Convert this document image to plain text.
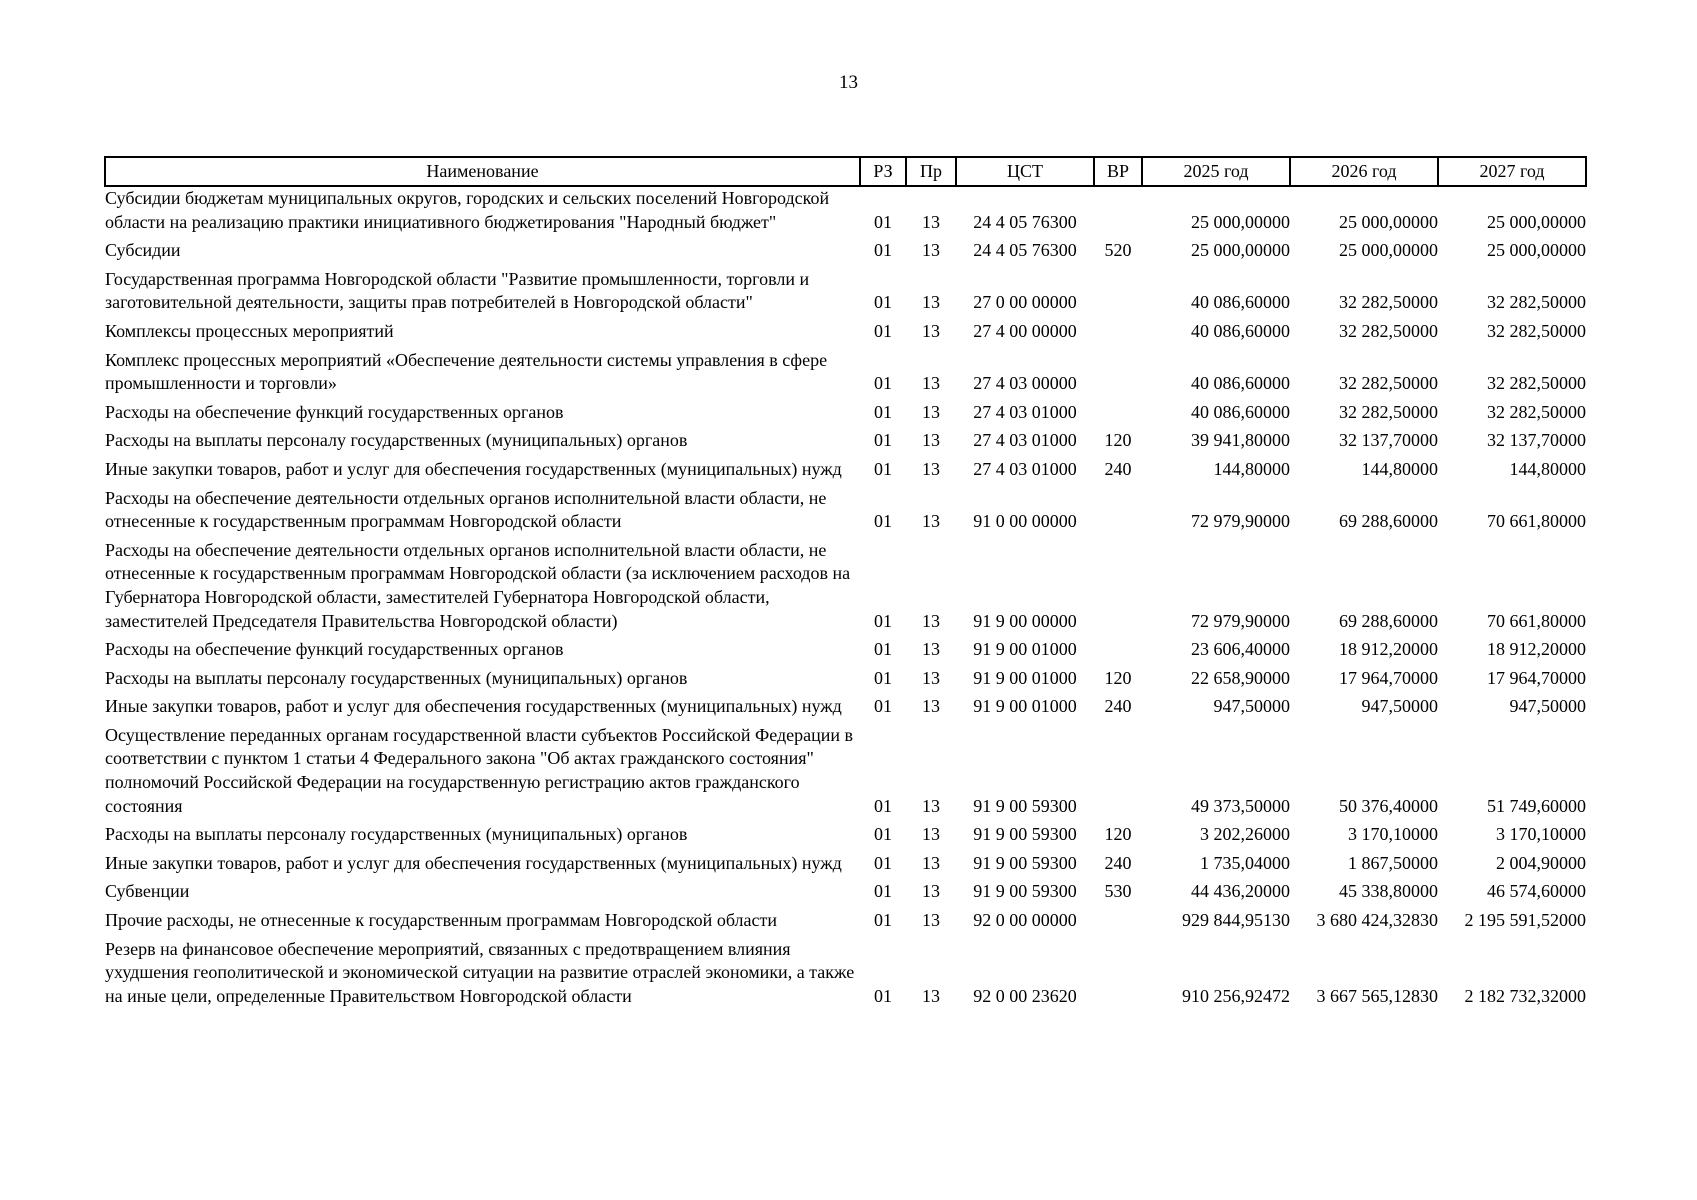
13
Наименование	РЗ	Пр	ЦСТ	ВР	2025 год	2026 год	2027 год
Субсидии бюджетам муниципальных округов, городских и сельских поселений Новгородской области на реализацию практики инициативного бюджетирования "Народный бюджет"	01	13	24 4 05 76300		25 000,00000	25 000,00000	25 000,00000
Субсидии	01	13	24 4 05 76300	520	25 000,00000	25 000,00000	25 000,00000
Государственная программа Новгородской области "Развитие промышленности, торговли и заготовительной деятельности, защиты прав потребителей в Новгородской области"	01	13	27 0 00 00000		40 086,60000	32 282,50000	32 282,50000
Комплексы процессных мероприятий	01	13	27 4 00 00000		40 086,60000	32 282,50000	32 282,50000
Комплекс процессных мероприятий «Обеспечение деятельности системы управления в сфере промышленности и торговли»	01	13	27 4 03 00000		40 086,60000	32 282,50000	32 282,50000
Расходы на обеспечение функций государственных органов	01	13	27 4 03 01000		40 086,60000	32 282,50000	32 282,50000
Расходы на выплаты персоналу государственных (муниципальных) органов	01	13	27 4 03 01000	120	39 941,80000	32 137,70000	32 137,70000
Иные закупки товаров, работ и услуг для обеспечения государственных (муниципальных) нужд	01	13	27 4 03 01000	240	144,80000	144,80000	144,80000
Расходы на обеспечение деятельности отдельных органов исполнительной власти области, не отнесенные к государственным программам Новгородской области	01	13	91 0 00 00000		72 979,90000	69 288,60000	70 661,80000
Расходы на обеспечение деятельности отдельных органов исполнительной власти области, не отнесенные к государственным программам Новгородской области (за исключением расходов на Губернатора Новгородской области, заместителей Губернатора Новгородской области, заместителей Председателя Правительства Новгородской области)	01	13	91 9 00 00000		72 979,90000	69 288,60000	70 661,80000
Расходы на обеспечение функций государственных органов	01	13	91 9 00 01000		23 606,40000	18 912,20000	18 912,20000
Расходы на выплаты персоналу государственных (муниципальных) органов	01	13	91 9 00 01000	120	22 658,90000	17 964,70000	17 964,70000
Иные закупки товаров, работ и услуг для обеспечения государственных (муниципальных) нужд	01	13	91 9 00 01000	240	947,50000	947,50000	947,50000
Осуществление переданных органам государственной власти субъектов Российской Федерации в соответствии с пунктом 1 статьи 4 Федерального закона "Об актах гражданского состояния" полномочий Российской Федерации на государственную регистрацию актов гражданского состояния	01	13	91 9 00 59300		49 373,50000	50 376,40000	51 749,60000
Расходы на выплаты персоналу государственных (муниципальных) органов	01	13	91 9 00 59300	120	3 202,26000	3 170,10000	3 170,10000
Иные закупки товаров, работ и услуг для обеспечения государственных (муниципальных) нужд	01	13	91 9 00 59300	240	1 735,04000	1 867,50000	2 004,90000
Субвенции	01	13	91 9 00 59300	530	44 436,20000	45 338,80000	46 574,60000
Прочие расходы, не отнесенные к государственным программам Новгородской области	01	13	92 0 00 00000		929 844,95130	3 680 424,32830	2 195 591,52000
Резерв на финансовое обеспечение мероприятий, связанных с предотвращением влияния ухудшения геополитической и экономической ситуации на развитие отраслей экономики, а также на иные цели, определенные Правительством Новгородской области	01	13	92 0 00 23620		910 256,92472	3 667 565,12830	2 182 732,32000
